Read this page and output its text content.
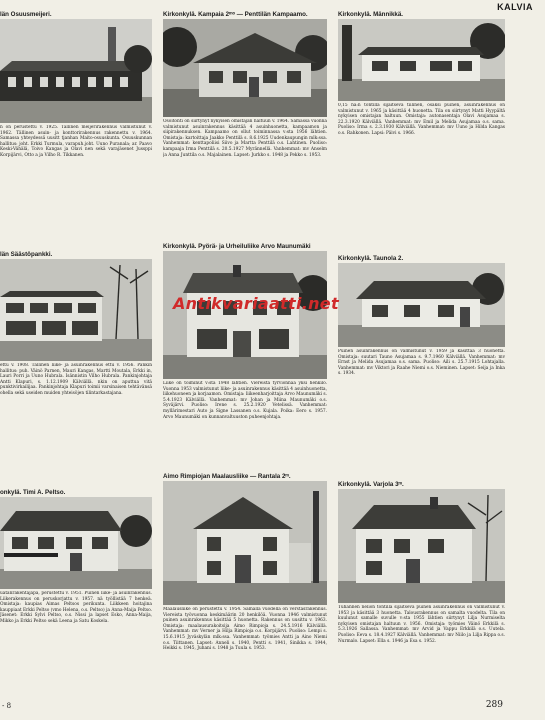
KALVIA
län Osuusmeijeri.
n on perustettu v. 1925. Tällinen meijerirakennus valmistunut v. 1962. Tällinen asuin- ja konttorirakennus rakennettu v. 1964. Samassa yhteydessä uusitt tjanhan Maito-osuuskunta. Osuuskunnan hallitus: joht. Erkki Turmula, varapuh.joht. Uuno Puranala; ar. Paavo Keski-Vähälä, Toivo Kangas ja Olavi nen sekä varajäsenet Jussppi Korpijärvi, Otto a ja Vilho R. Tikkanen.
Kirkonkylä. Kampaia 2ᵐᵒ — Penttilän Kampaamo.
Osoitonti on siirtynyt nykyisen omistajan haltuun v. 1964. Samassa vuonna valmistunut asuinrakennus käsittää 4 asuinhuonetta, kampaamon ja siipirakennuksen. Kampaamo on ollut toiminnassa v:sta 1956 lähtien. Omistaja: kartoittaja Jaakko Penttilä s. 8.6.1925 Uudenkaupungin mlk:ssa. Vanhemmat: kenttapoliisi Siivo ja Martta Penttilä o.s. Lahtinen. Puoliso: kampaaja Irma Penttilä s. 20.5.1927 Myrännellä. Vanhemmat: mv Anselm ja Anna Junttila o.s. Majalainen. Lapset: Jurkko s. 1948 ja Pekko s. 1953.
Kirkonkylä. Männikkä.
0,15 ha:n tontilla sijaitseva tiilinen, osaksi puinen, asuinrakennus on valmistunut v. 1965 ja käsittää 4 huonetta. Tila on siirtynyt Matti Hyypältä nykyisen omistajan haltuun. Omistaja: autonasentaja Olavi Asujamaa s. 22.3.1920 Kälviällä. Vanhemmat: mv Emil ja Melida Asujamaa o.s. sama. Puoliso: Irma s. 2.3.1930 Kälviällä. Vanhemmat: mv Uuno ja Hilda Kangas o.s. Rahkonen. Lapsi: Päivi s. 1966.
län Säästöpankki.
ettu v. 1908. Tällinen liike- ja asuinrakennus ettu v. 1956. Pankin hallitus: puh. Väinö Parnen, Mauri Kangas, Martti Moutala, Erkki in, Lauri Porri ja Uuno Hubrala. Isännistin Vilho Hubrala. Pankinjohtaja Antti Klapuri, s. 1.12.1909 Kälviällä. nkin on aputtua vitä punktivirkailijaa. Pankinjohtaja Klapuri toimii varsinaisen tehtävänsä ohella sekä useiden muiden yhteisöjen tilintarkastajana.
Kirkonkylä. Pyörä- ja Urheiluliike Arvo Maunumäki
Liike on toiminut v:sta 1948 lähtien. Viereista tyrvionnaa yksi henkilö. Vuonna 1953 valmistunut liike- ja asuinrakennus käsittää 4 asuinhuonetta, liikehuoneen ja korjaamon. Omistaja: liikeenharjoittaja Arvo Maunumäki s. 5.4.1923 Kälviällä. Vanhemmat: mv Johan ja Miina Maunumäki o.s. Syväjärvi. Puoliso: Irene s. 25.2.1920 Vetelissä. Vanhemmat: myllärimestari Auto ja Signe Lassanen o.s. Kujala. Poika: Eero s. 1957. Arvo Maunumäki on kunnanvaltuuston puheenjohtaja.
Kirkonkylä. Taunola 2.
Puinen asuinrakennus on valmistunut v. 1959 ja käsittää 3 huonetta. Omistaja: suutari Tauno Asujamaa s. 9.7.1960 Kälviällä. Vanhemmat: mv Ernst ja Melida Asujamaa o.s. sama. Puoliso: Aili s. 25.7.1915 Lohtajalla. Vanhemmat: mv Viktori ja Raahe Niemi o.s. Nieminen. Lapset: Seija ja Inka s. 1934.
onkylä. Timi A. Peltso.
uatanrakentajapa, perustettu v. 1951. Puinen liike- ja asuinrakennus. Liikerakennus on peruskorjattu v. 1957. nä työllistää 7 henkeä. Omistaja: kaupias Aimas Peltsos perikunta. Liikkeen hoitajina kauppiaat Erkki Peltso (vmo Helena, o.s. Peltso) ja Anna-Maija Peltso. Jäsenet: Erkki Sylvi Peltso, o.s. Nissi ja lapset Esko, Anna-Maija, Mikko ja Erkki Peltso sekä Leena ja Satu Koskela.
Aimo Rimpiojan Maalausliike — Rantala 2ᵐ.
Maalausliike on perustettu v. 1954. Samalla vuodella on verstasrakennus. Viereista työvuonna keskimäärin 20 henkilöä. Vuonna 1946 valmistunut puinen asuinrakennus käsittää 5 huonetta. Rakennus on uusittu v. 1963. Omistaja: maalausurakoitsija Aimo Rimpioja s. 24.5.1916 Kälviällä. Vanhemmat: mv Verner ja Hilja Rimpioja o.s. Korpijärvi. Puoliso: Lempi s. 15.6.1915 Jyväskylän mlk:ssa. Vanhemmat: työmies Antti ja Aino Niemi o.s. Tiittanen. Lapset: Anneli s. 1940, Pentti s. 1941, Sinikka s. 1944, Heikki s. 1945, Juhani s. 1948 ja Tuula s. 1953.
Kirkonkylä. Varjola 3ᵐ.
Tuhannen neliön tontilla sijaitseva puinen asuinrakennus on valmistunut v. 1953 ja käsittää 3 huonetta. Talousrakennus on samalta vuodelta. Tila on kuulunut samalle suvulle v:sta 1955 lähtien siirtynyt Lilja Nurmiselta nykyisen omistajan haltuun v. 1956. Omistaja: työmies Väinö Erkkilä s. 5.3.1926 Sallassa. Vanhemmat: mv Arvid ja Vappu Erkkilä o.s. Uutela. Puoliso: Eeva s. 18.4.1927 Kälviällä. Vanhemmat: mv Niilo ja Lilja Rippa o.s. Nurmalo. Lapset: Ella s. 1946 ja Esa s. 1952.
Antikvariaatti.net
- 8	289
